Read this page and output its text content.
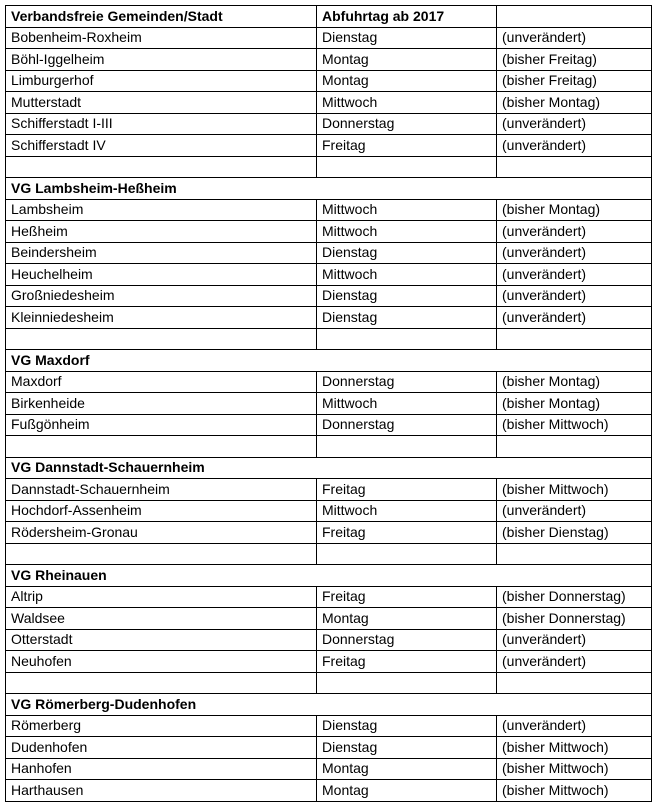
Verbandsfreie Gemeinden/Stadt	Abfuhrtag ab 2017	
Bobenheim-Roxheim	Dienstag	(unverändert)
Böhl-Iggelheim	Montag	(bisher Freitag)
Limburgerhof	Montag	(bisher Freitag)
Mutterstadt	Mittwoch	(bisher Montag)
Schifferstadt I-III	Donnerstag	(unverändert)
Schifferstadt IV	Freitag	(unverändert)

VG Lambsheim-Heßheim		
Lambsheim	Mittwoch	(bisher Montag)
Heßheim	Mittwoch	(unverändert)
Beindersheim	Dienstag	(unverändert)
Heuchelheim	Mittwoch	(unverändert)
Großniedesheim	Dienstag	(unverändert)
Kleinniedesheim	Dienstag	(unverändert)

VG Maxdorf		
Maxdorf	Donnerstag	(bisher Montag)
Birkenheide	Mittwoch	(bisher Montag)
Fußgönheim	Donnerstag	(bisher Mittwoch)

VG Dannstadt-Schauernheim		
Dannstadt-Schauernheim	Freitag	(bisher Mittwoch)
Hochdorf-Assenheim	Mittwoch	(unverändert)
Rödersheim-Gronau	Freitag	(bisher Dienstag)

VG Rheinauen		
Altrip	Freitag	(bisher Donnerstag)
Waldsee	Montag	(bisher Donnerstag)
Otterstadt	Donnerstag	(unverändert)
Neuhofen	Freitag	(unverändert)

VG Römerberg-Dudenhofen		
Römerberg	Dienstag	(unverändert)
Dudenhofen	Dienstag	(bisher Mittwoch)
Hanhofen	Montag	(bisher Mittwoch)
Harthausen	Montag	(bisher Mittwoch)
